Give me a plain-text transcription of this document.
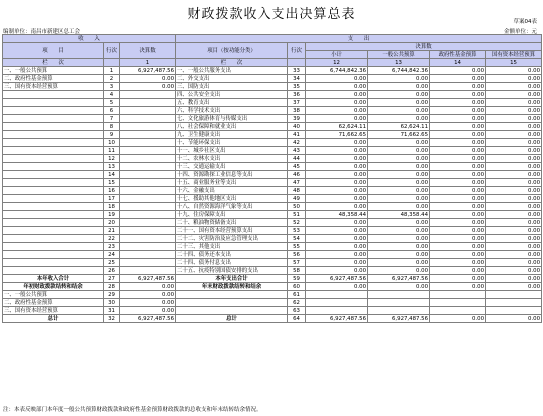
财政拨款收入支出决算总表	草案04表
编制单位：南昌市新建区总工会	金额单位：元
收　　入			支　　出					
项　　目	行次	决算数	项目（按功能分类）	行次	决算数			
					小计	一般公共预算	政府性基金预算	国有资本经营预算

栏　　次		1	栏　　次		12	13	14	15
一、一般公共预算	1	6,927,487.56	一、一般公共服务支出	33	6,744,842.36	6,744,842.36	0.00	0.00
二、政府性基金预算	2	0.00	二、外交支出	34	0.00	0.00	0.00	0.00
三、国有资本经营预算	3	0.00	三、国防支出	35	0.00	0.00	0.00	0.00
	4		四、公共安全支出	36	0.00	0.00	0.00	0.00
	5		五、教育支出	37	0.00	0.00	0.00	0.00
	6		六、科学技术支出	38	0.00	0.00	0.00	0.00
	7		七、文化旅游体育与传媒支出	39	0.00	0.00	0.00	0.00
	8		八、社会保障和就业支出	40	62,624.11	62,624.11	0.00	0.00
	9		九、卫生健康支出	41	71,662.65	71,662.65	0.00	0.00
	10		十、节能环保支出	42	0.00	0.00	0.00	0.00
	11		十一、城乡社区支出	43	0.00	0.00	0.00	0.00
	12		十二、农林水支出	44	0.00	0.00	0.00	0.00
	13		十三、交通运输支出	45	0.00	0.00	0.00	0.00
	14		十四、资源勘探工业信息等支出	46	0.00	0.00	0.00	0.00
	15		十五、商业服务业等支出	47	0.00	0.00	0.00	0.00
	16		十六、金融支出	48	0.00	0.00	0.00	0.00
	17		十七、援助其他地区支出	49	0.00	0.00	0.00	0.00
	18		十八、自然资源海洋气象等支出	50	0.00	0.00	0.00	0.00
	19		十九、住房保障支出	51	48,358.44	48,358.44	0.00	0.00
	20		二十、粮油物资储备支出	52	0.00	0.00	0.00	0.00
	21		二十一、国有资本经营预算支出	53	0.00	0.00	0.00	0.00
	22		二十二、灾害防治及应急管理支出	54	0.00	0.00	0.00	0.00
	23		二十三、其他支出	55	0.00	0.00	0.00	0.00
	24		二十四、债务还本支出	56	0.00	0.00	0.00	0.00
	25		二十四、债务付息支出	57	0.00	0.00	0.00	0.00
	26		二十五、抗疫特别国债安排的支出	58	0.00	0.00	0.00	0.00
本年收入合计	27	6,927,487.56	本年支出合计	59	6,927,487.56	6,927,487.56	0.00	0.00
年初财政拨款结转和结余	28	0.00	年末财政拨款结转和结余	60	0.00	0.00	0.00	0.00
一、一般公共预算	29	0.00		61				
二、政府性基金预算	30	0.00		62				
三、国有资本经营预算	31	0.00		63				
总计	32	6,927,487.56	总计	64	6,927,487.56	6,927,487.56	0.00	0.00
注：本表反映部门本年度一般公共预算财政拨款和政府性基金预算财政拨款的总收支和年末结转结余情况。
